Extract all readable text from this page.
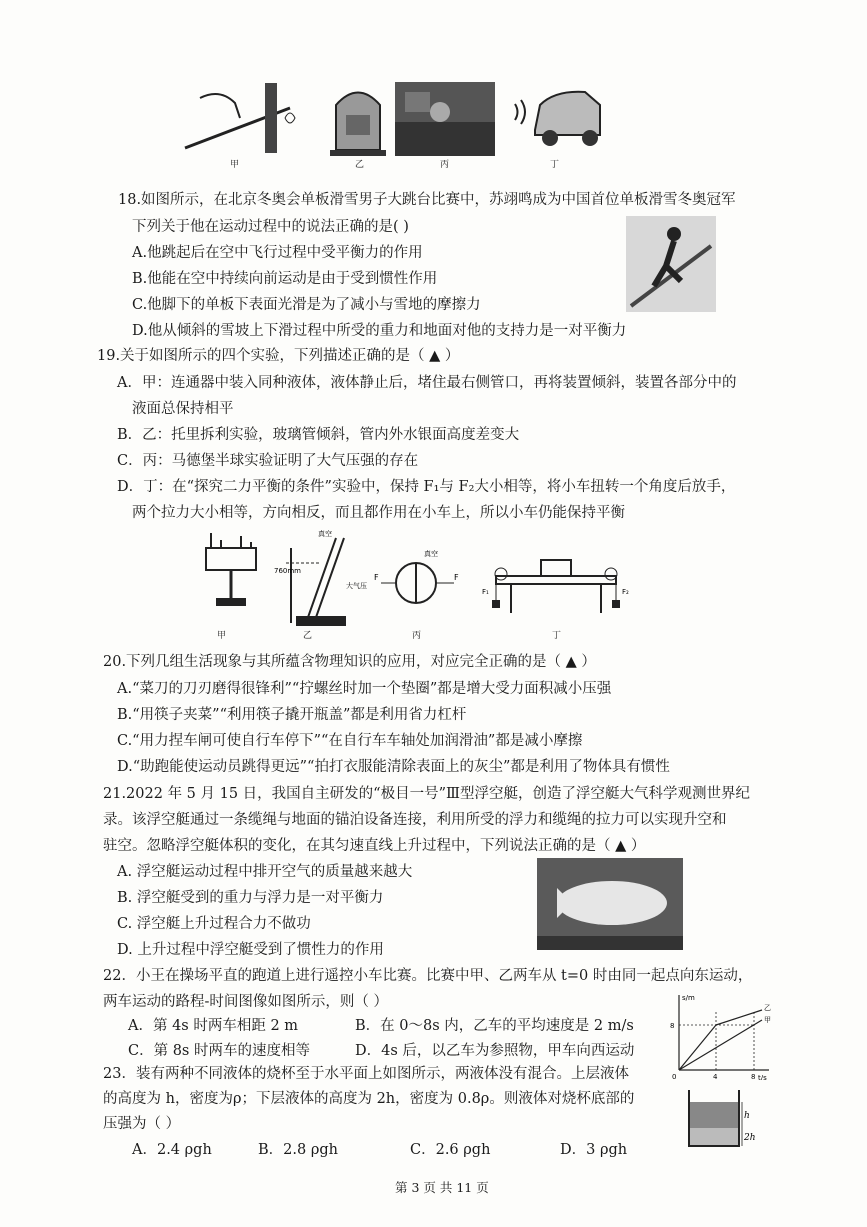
甲	乙	丙	丁
18.如图所示，在北京冬奥会单板滑雪男子大跳台比赛中，苏翊鸣成为中国首位单板滑雪冬奥冠军
下列关于他在运动过程中的说法正确的是( )
A.他跳起后在空中飞行过程中受平衡力的作用
B.他能在空中持续向前运动是由于受到惯性作用
C.他脚下的单板下表面光滑是为了减小与雪地的摩擦力
D.他从倾斜的雪坡上下滑过程中所受的重力和地面对他的支持力是一对平衡力
19.关于如图所示的四个实验，下列描述正确的是（ ▲ ）
A．甲：连通器中装入同种液体，液体静止后，堵住最右侧管口，再将装置倾斜，装置各部分中的
液面总保持相平
B．乙：托里拆利实验，玻璃管倾斜，管内外水银面高度差变大
C．丙：马德堡半球实验证明了大气压强的存在
D．丁：在“探究二力平衡的条件”实验中，保持 F₁与 F₂大小相等，将小车扭转一个角度后放手，
两个拉力大小相等，方向相反，而且都作用在小车上，所以小车仍能保持平衡
760mm
真空
大气压
F	F
真空
F₁	F₂
甲	乙	丙	丁
20.下列几组生活现象与其所蕴含物理知识的应用，对应完全正确的是（ ▲ ）
A.“菜刀的刀刃磨得很锋利”“拧螺丝时加一个垫圈”都是增大受力面积减小压强
B.“用筷子夹菜”“利用筷子撬开瓶盖”都是利用省力杠杆
C.“用力捏车闸可使自行车停下”“在自行车车轴处加润滑油”都是减小摩擦
D.“助跑能使运动员跳得更远”“拍打衣服能清除表面上的灰尘”都是利用了物体具有惯性
21.2022 年 5 月 15 日，我国自主研发的“极目一号”Ⅲ型浮空艇，创造了浮空艇大气科学观测世界纪
录。该浮空艇通过一条缆绳与地面的锚泊设备连接，利用所受的浮力和缆绳的拉力可以实现升空和
驻空。忽略浮空艇体积的变化，在其匀速直线上升过程中，下列说法正确的是（ ▲ ）
A. 浮空艇运动过程中排开空气的质量越来越大
B. 浮空艇受到的重力与浮力是一对平衡力
C. 浮空艇上升过程合力不做功
D. 上升过程中浮空艇受到了惯性力的作用
22．小王在操场平直的跑道上进行遥控小车比赛。比赛中甲、乙两车从 t=0 时由同一起点向东运动，
两车运动的路程-时间图像如图所示，则（ ）
A．第 4s 时两车相距 2 m	B．在 0～8s 内，乙车的平均速度是 2 m/s
C．第 8s 时两车的速度相等	D．4s 后，以乙车为参照物，甲车向西运动
s/m
t/s
8
0	4	8
乙
甲
23．装有两种不同液体的烧杯至于水平面上如图所示，两液体没有混合。上层液体
的高度为 h，密度为ρ；下层液体的高度为 2h，密度为 0.8ρ。则液体对烧杯底部的
压强为（ ）
A．2.4 ρgh	B．2.8 ρgh	C．2.6 ρgh	D．3 ρgh
h
2h
第 3 页 共 11 页
